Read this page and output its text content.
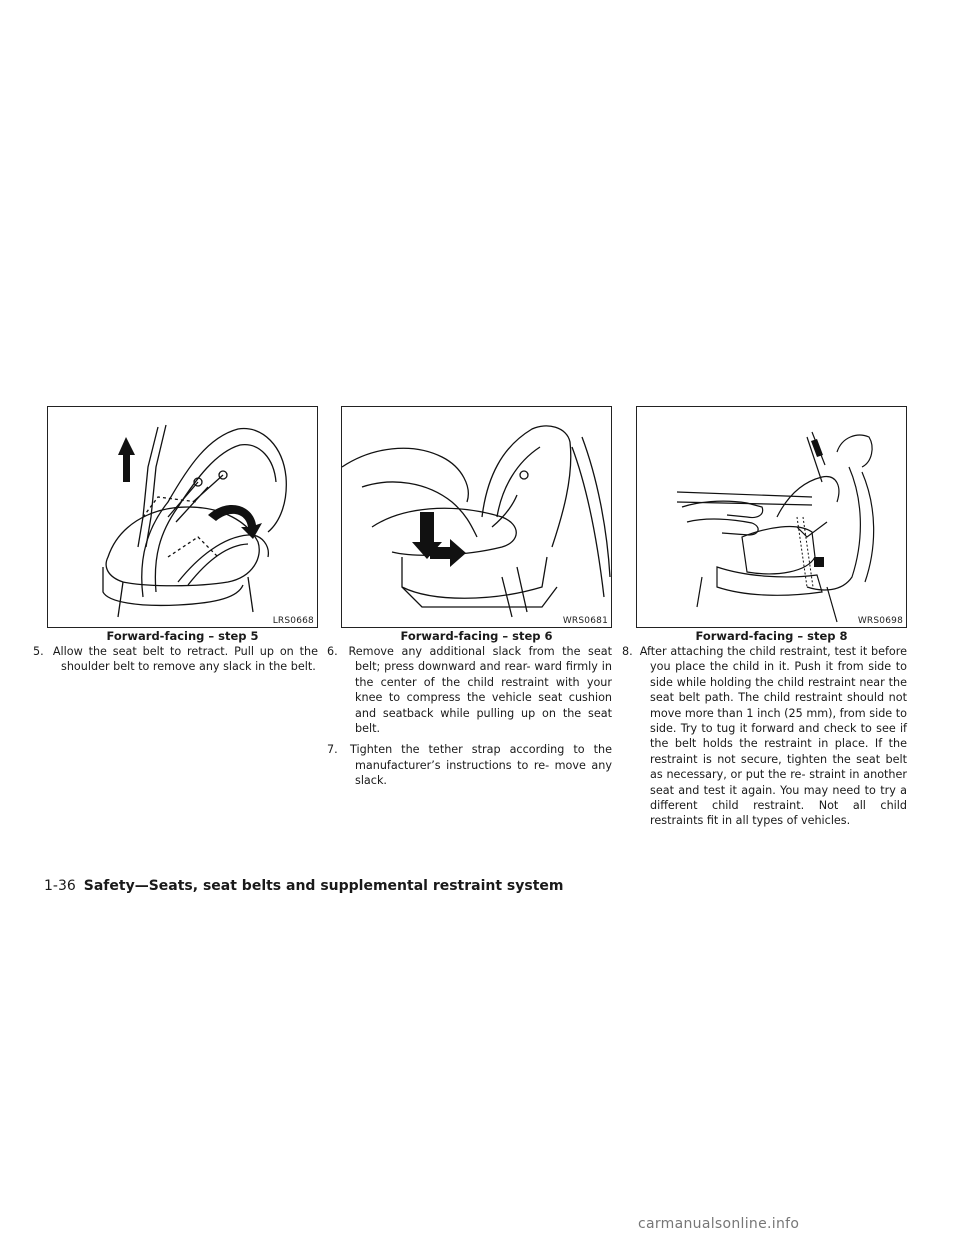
LRS0668
Forward-facing – step 5

5. Allow the seat belt to retract. Pull up on the shoulder belt to remove any slack in the belt.

WRS0681
Forward-facing – step 6

6. Remove any additional slack from the seat belt; press downward and rear- ward firmly in the center of the child restraint with your knee to compress the vehicle seat cushion and seatback while pulling up on the seat belt.

7. Tighten the tether strap according to the manufacturer’s instructions to re- move any slack.

WRS0698
Forward-facing – step 8

8. After attaching the child restraint, test it before you place the child in it. Push it from side to side while holding the child restraint near the seat belt path. The child restraint should not move more than 1 inch (25 mm), from side to side. Try to tug it forward and check to see if the belt holds the restraint in place. If the restraint is not secure, tighten the seat belt as necessary, or put the re- straint in another seat and test it again. You may need to try a different child restraint. Not all child restraints fit in all types of vehicles.

1-36 Safety—Seats, seat belts and supplemental restraint system
carmanualsonline.info
